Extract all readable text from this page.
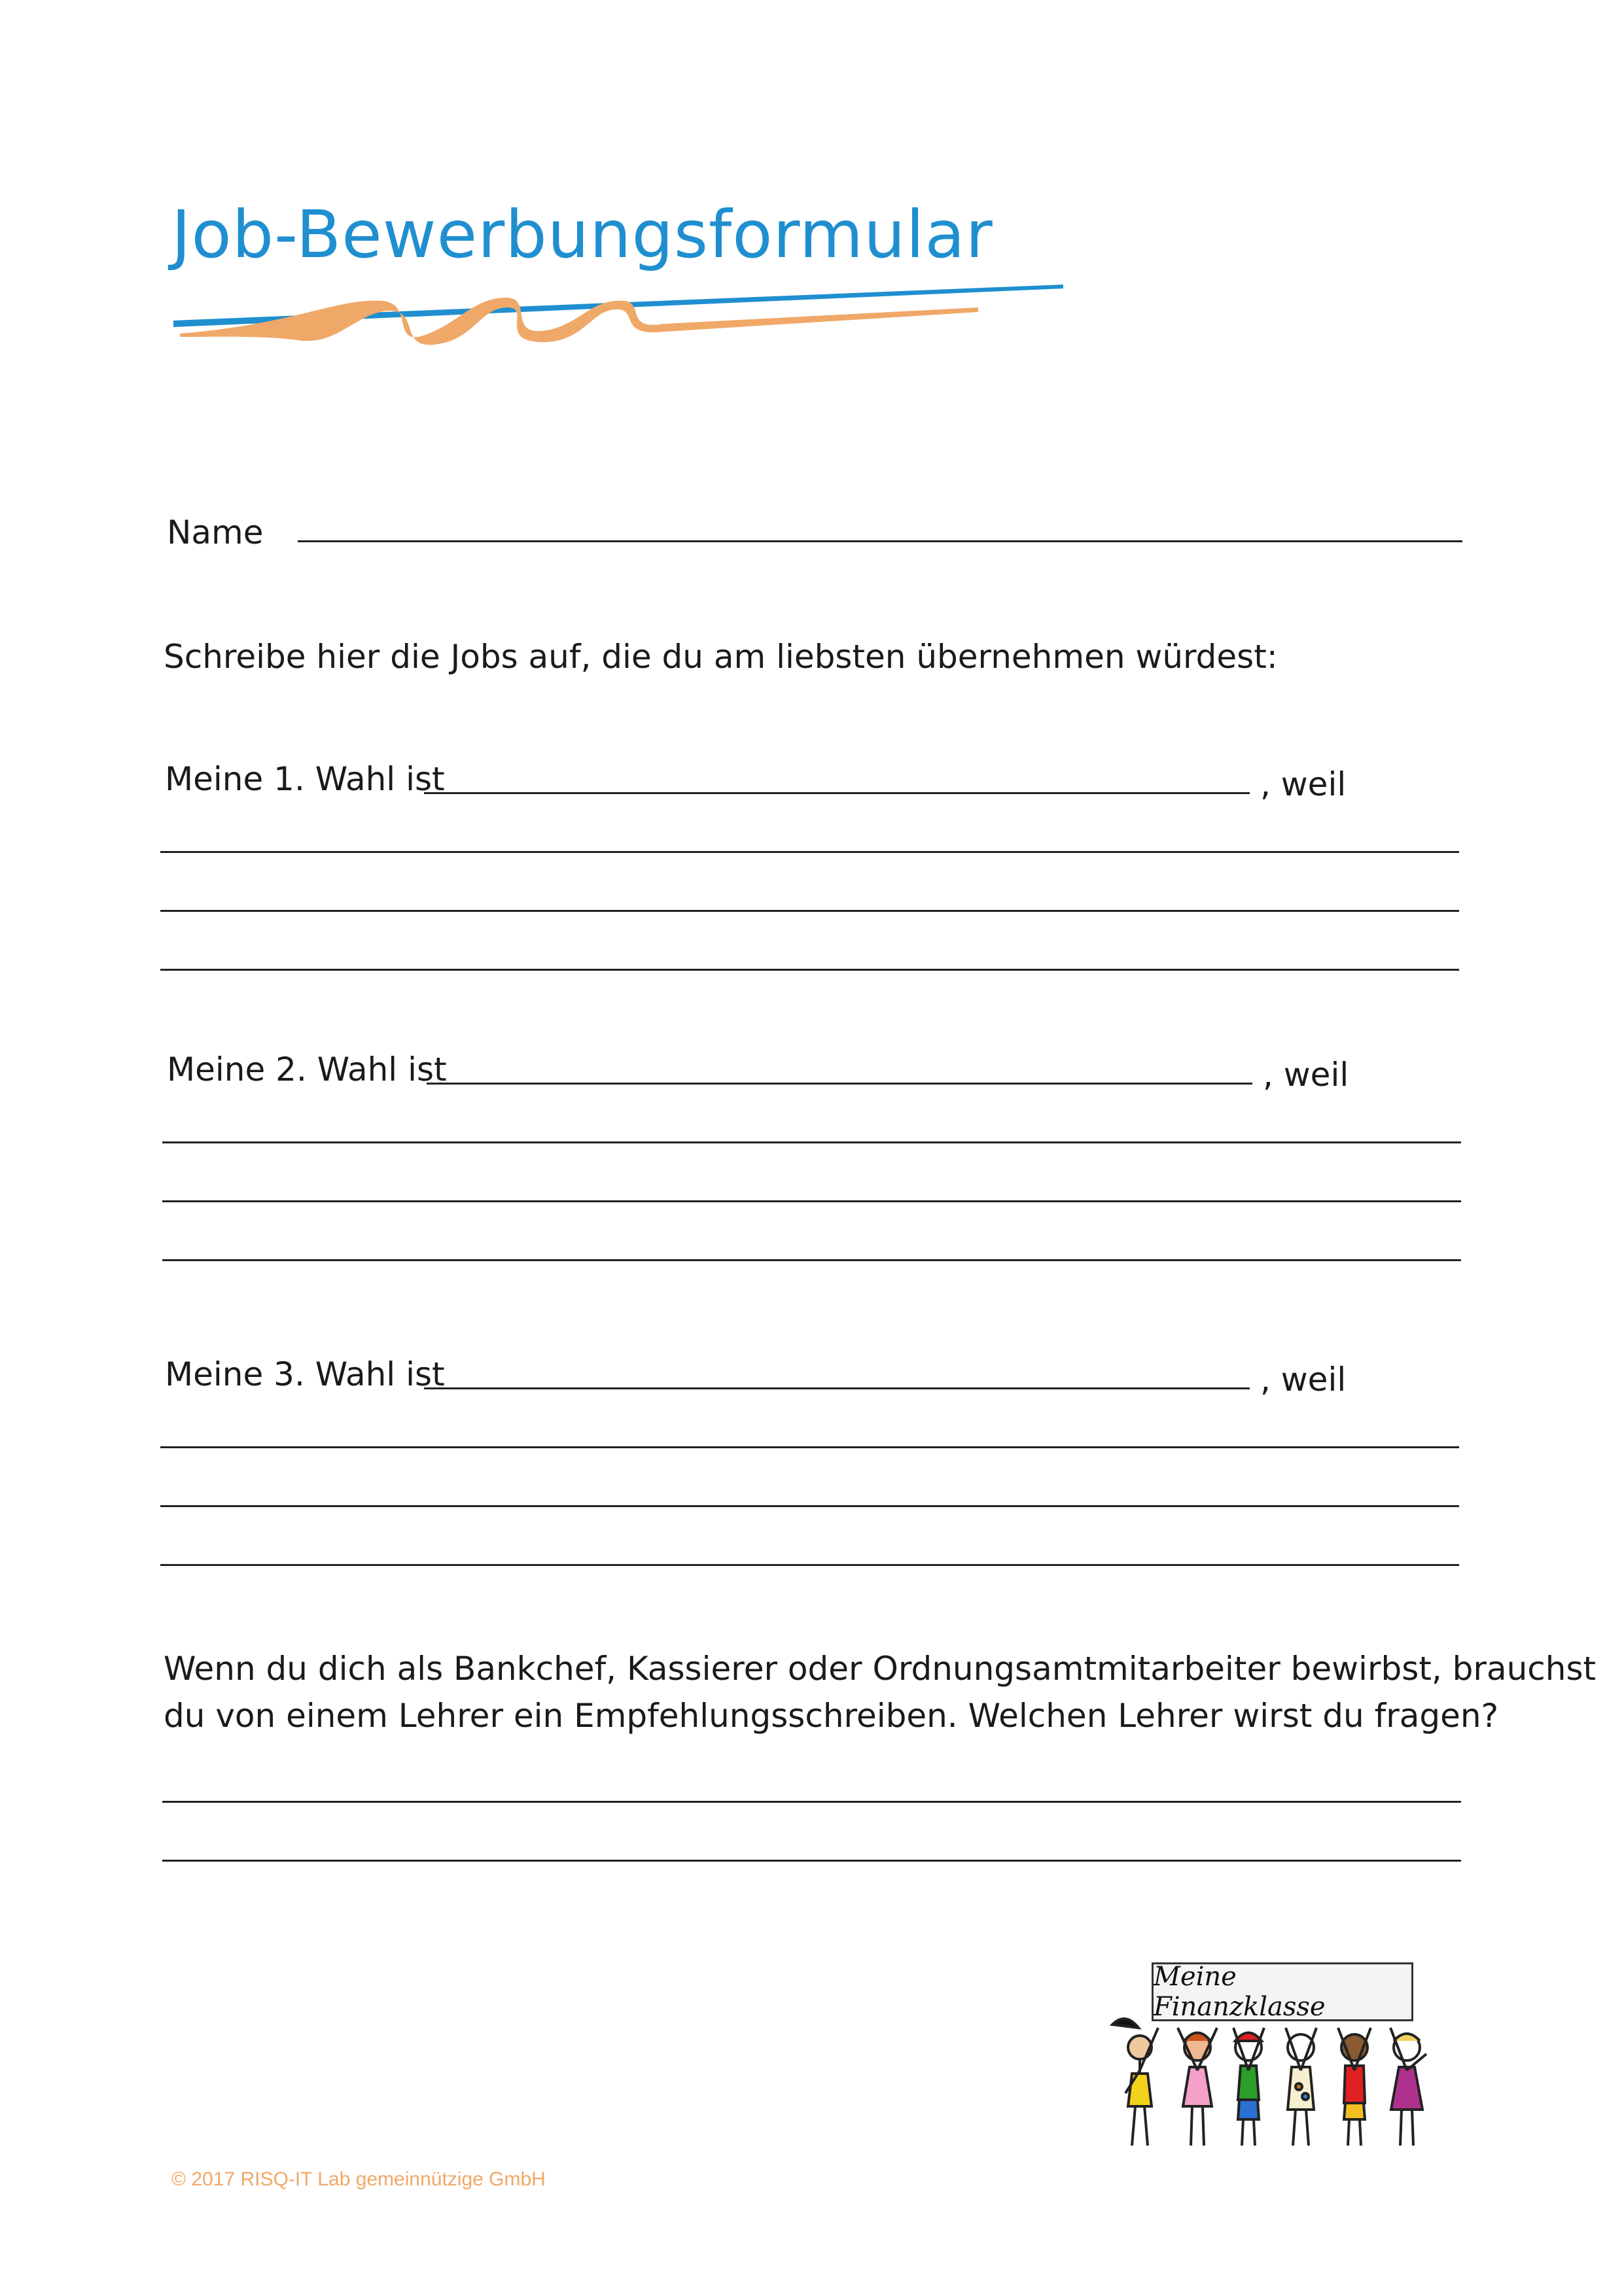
Job-Bewerbungsformular
Name
Schreibe hier die Jobs auf, die du am liebsten übernehmen würdest:
Meine 1. Wahl ist	, weil
Meine 2. Wahl ist	, weil
Meine 3. Wahl ist	, weil
Wenn du dich als Bankchef, Kassierer oder Ordnungsamtmitarbeiter bewirbst, brauchst
du von einem Lehrer ein Empfehlungsschreiben. Welchen Lehrer wirst du fragen?
Meine Finanzklasse
© 2017 RISQ-IT Lab gemeinnützige GmbH
